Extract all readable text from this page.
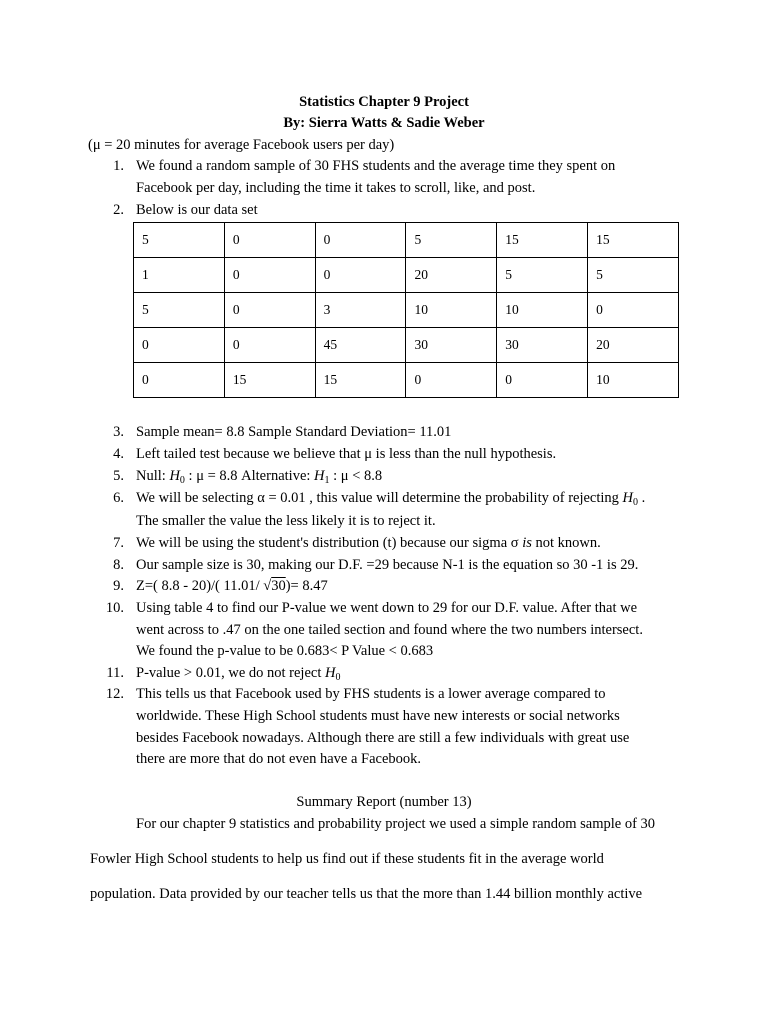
Statistics Chapter 9 Project
By: Sierra Watts & Sadie Weber
(μ = 20 minutes for average Facebook users per day)
1. We found a random sample of 30 FHS students and the average time they spent on
Facebook per day, including the time it takes to scroll, like, and post.
2. Below is our data set
5	0	0	5	15	15
1	0	0	20	5	5
5	0	3	10	10	0
0	0	45	30	30	20
0	15	15	0	0	10
3. Sample mean= 8.8 Sample Standard Deviation= 11.01
4. Left tailed test because we believe that μ is less than the null hypothesis.
5. Null: $H_0$ : μ = 8.8 Alternative: $H_1$ : μ < 8.8
6. We will be selecting α = 0.01 , this value will determine the probability of rejecting $H_0$ .
The smaller the value the less likely it is to reject it.
7. We will be using the student's distribution (t) because our sigma σ is not known.
8. Our sample size is 30, making our D.F. =29 because N-1 is the equation so 30 -1 is 29.
9. Z=( 8.8 - 20)/( 11.01/ √30)= 8.47
10. Using table 4 to find our P-value we went down to 29 for our D.F. value. After that we
went across to .47 on the one tailed section and found where the two numbers intersect.
We found the p-value to be 0.683< P Value < 0.683
11. P-value > 0.01, we do not reject $H_0$
12. This tells us that Facebook used by FHS students is a lower average compared to
worldwide. These High School students must have new interests or social networks
besides Facebook nowadays. Although there are still a few individuals with great use
there are more that do not even have a Facebook.
Summary Report (number 13)
For our chapter 9 statistics and probability project we used a simple random sample of 30
Fowler High School students to help us find out if these students fit in the average world
population. Data provided by our teacher tells us that the more than 1.44 billion monthly active
